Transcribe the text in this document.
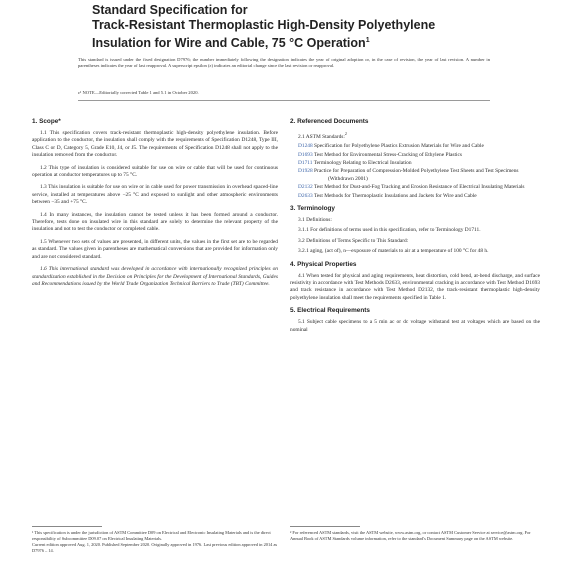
Standard Specification for
Track-Resistant Thermoplastic High-Density Polyethylene
Insulation for Wire and Cable, 75 °C Operation$^1$
This standard is issued under the fixed designation D7976; the number immediately following the designation indicates the year of original adoption or, in the case of revision, the year of last revision. A number in parentheses indicates the year of last reapproval. A superscript epsilon (ε) indicates an editorial change since the last revision or reapproval.
ε¹ NOTE—Editorially corrected Table 1 and 5.1 in October 2020.
1. Scope*
1.1 This specification covers track-resistant thermoplastic high-density polyethylene insulation. Before application to the conductor, the insulation shall comply with the requirements of Specification D1248, Type III, Class C or D, Category 5, Grade E10, J4, or J5. The requirements of Specification D1248 shall not apply to the insulation removed from the conductor.
1.2 This type of insulation is considered suitable for use on wire or cable that will be used for continuous operation at conductor temperatures up to 75 °C.
1.3 This insulation is suitable for use on wire or in cable used for power transmission in overhead spaced-line service, installed at temperatures above −25 °C and exposed to sunlight and other atmospheric environments between −35 and +75 °C.
1.4 In many instances, the insulation cannot be tested unless it has been formed around a conductor. Therefore, tests done on insulated wire in this standard are solely to determine the relevant property of the insulation and not to test the conductor or completed cable.
1.5 Whenever two sets of values are presented, in different units, the values in the first set are to be regarded as standard. The values given in parentheses are mathematical conversions that are provided for information only and are not considered standard.
1.6 This international standard was developed in accordance with internationally recognized principles on standardization established in the Decision on Principles for the Development of International Standards, Guides and Recommendations issued by the World Trade Organization Technical Barriers to Trade (TBT) Committee.
2. Referenced Documents
2.1 ASTM Standards:$^2$
D1248 Specification for Polyethylene Plastics Extrusion Materials for Wire and Cable
D1693 Test Method for Environmental Stress-Cracking of Ethylene Plastics
D1711 Terminology Relating to Electrical Insulation
D1928 Practice for Preparation of Compression-Molded Polyethylene Test Sheets and Test Specimens (Withdrawn 2001)
D2132 Test Method for Dust-and-Fog Tracking and Erosion Resistance of Electrical Insulating Materials
D2633 Test Methods for Thermoplastic Insulations and Jackets for Wire and Cable
3. Terminology
3.1 Definitions:
3.1.1 For definitions of terms used in this specification, refer to Terminology D1711.
3.2 Definitions of Terms Specific to This Standard:
3.2.1 aging, (act of), n—exposure of materials to air at a temperature of 100 °C for 48 h.
4. Physical Properties
4.1 When tested for physical and aging requirements, heat distortion, cold bend, at-bend discharge, and surface resistivity in accordance with Test Methods D2633, environmental cracking in accordance with Test Method D1693 and track resistance in accordance with Test Method D2132, the track-resistant thermoplastic high-density polyethylene insulation shall meet the requirements specified in Table 1.
5. Electrical Requirements
5.1 Subject cable specimens to a 5 min ac or dc voltage withstand test at voltages which are based on the nominal
¹ This specification is under the jurisdiction of ASTM Committee D09 on Electrical and Electronic Insulating Materials and is the direct responsibility of Subcommittee D09.07 on Electrical Insulating Materials.
Current edition approved Aug. 1, 2020. Published September 2020. Originally approved in 1976. Last previous edition approved in 2014 as D7976 – 14.
² For referenced ASTM standards, visit the ASTM website, www.astm.org, or contact ASTM Customer Service at service@astm.org. For Annual Book of ASTM Standards volume information, refer to the standard's Document Summary page on the ASTM website.
